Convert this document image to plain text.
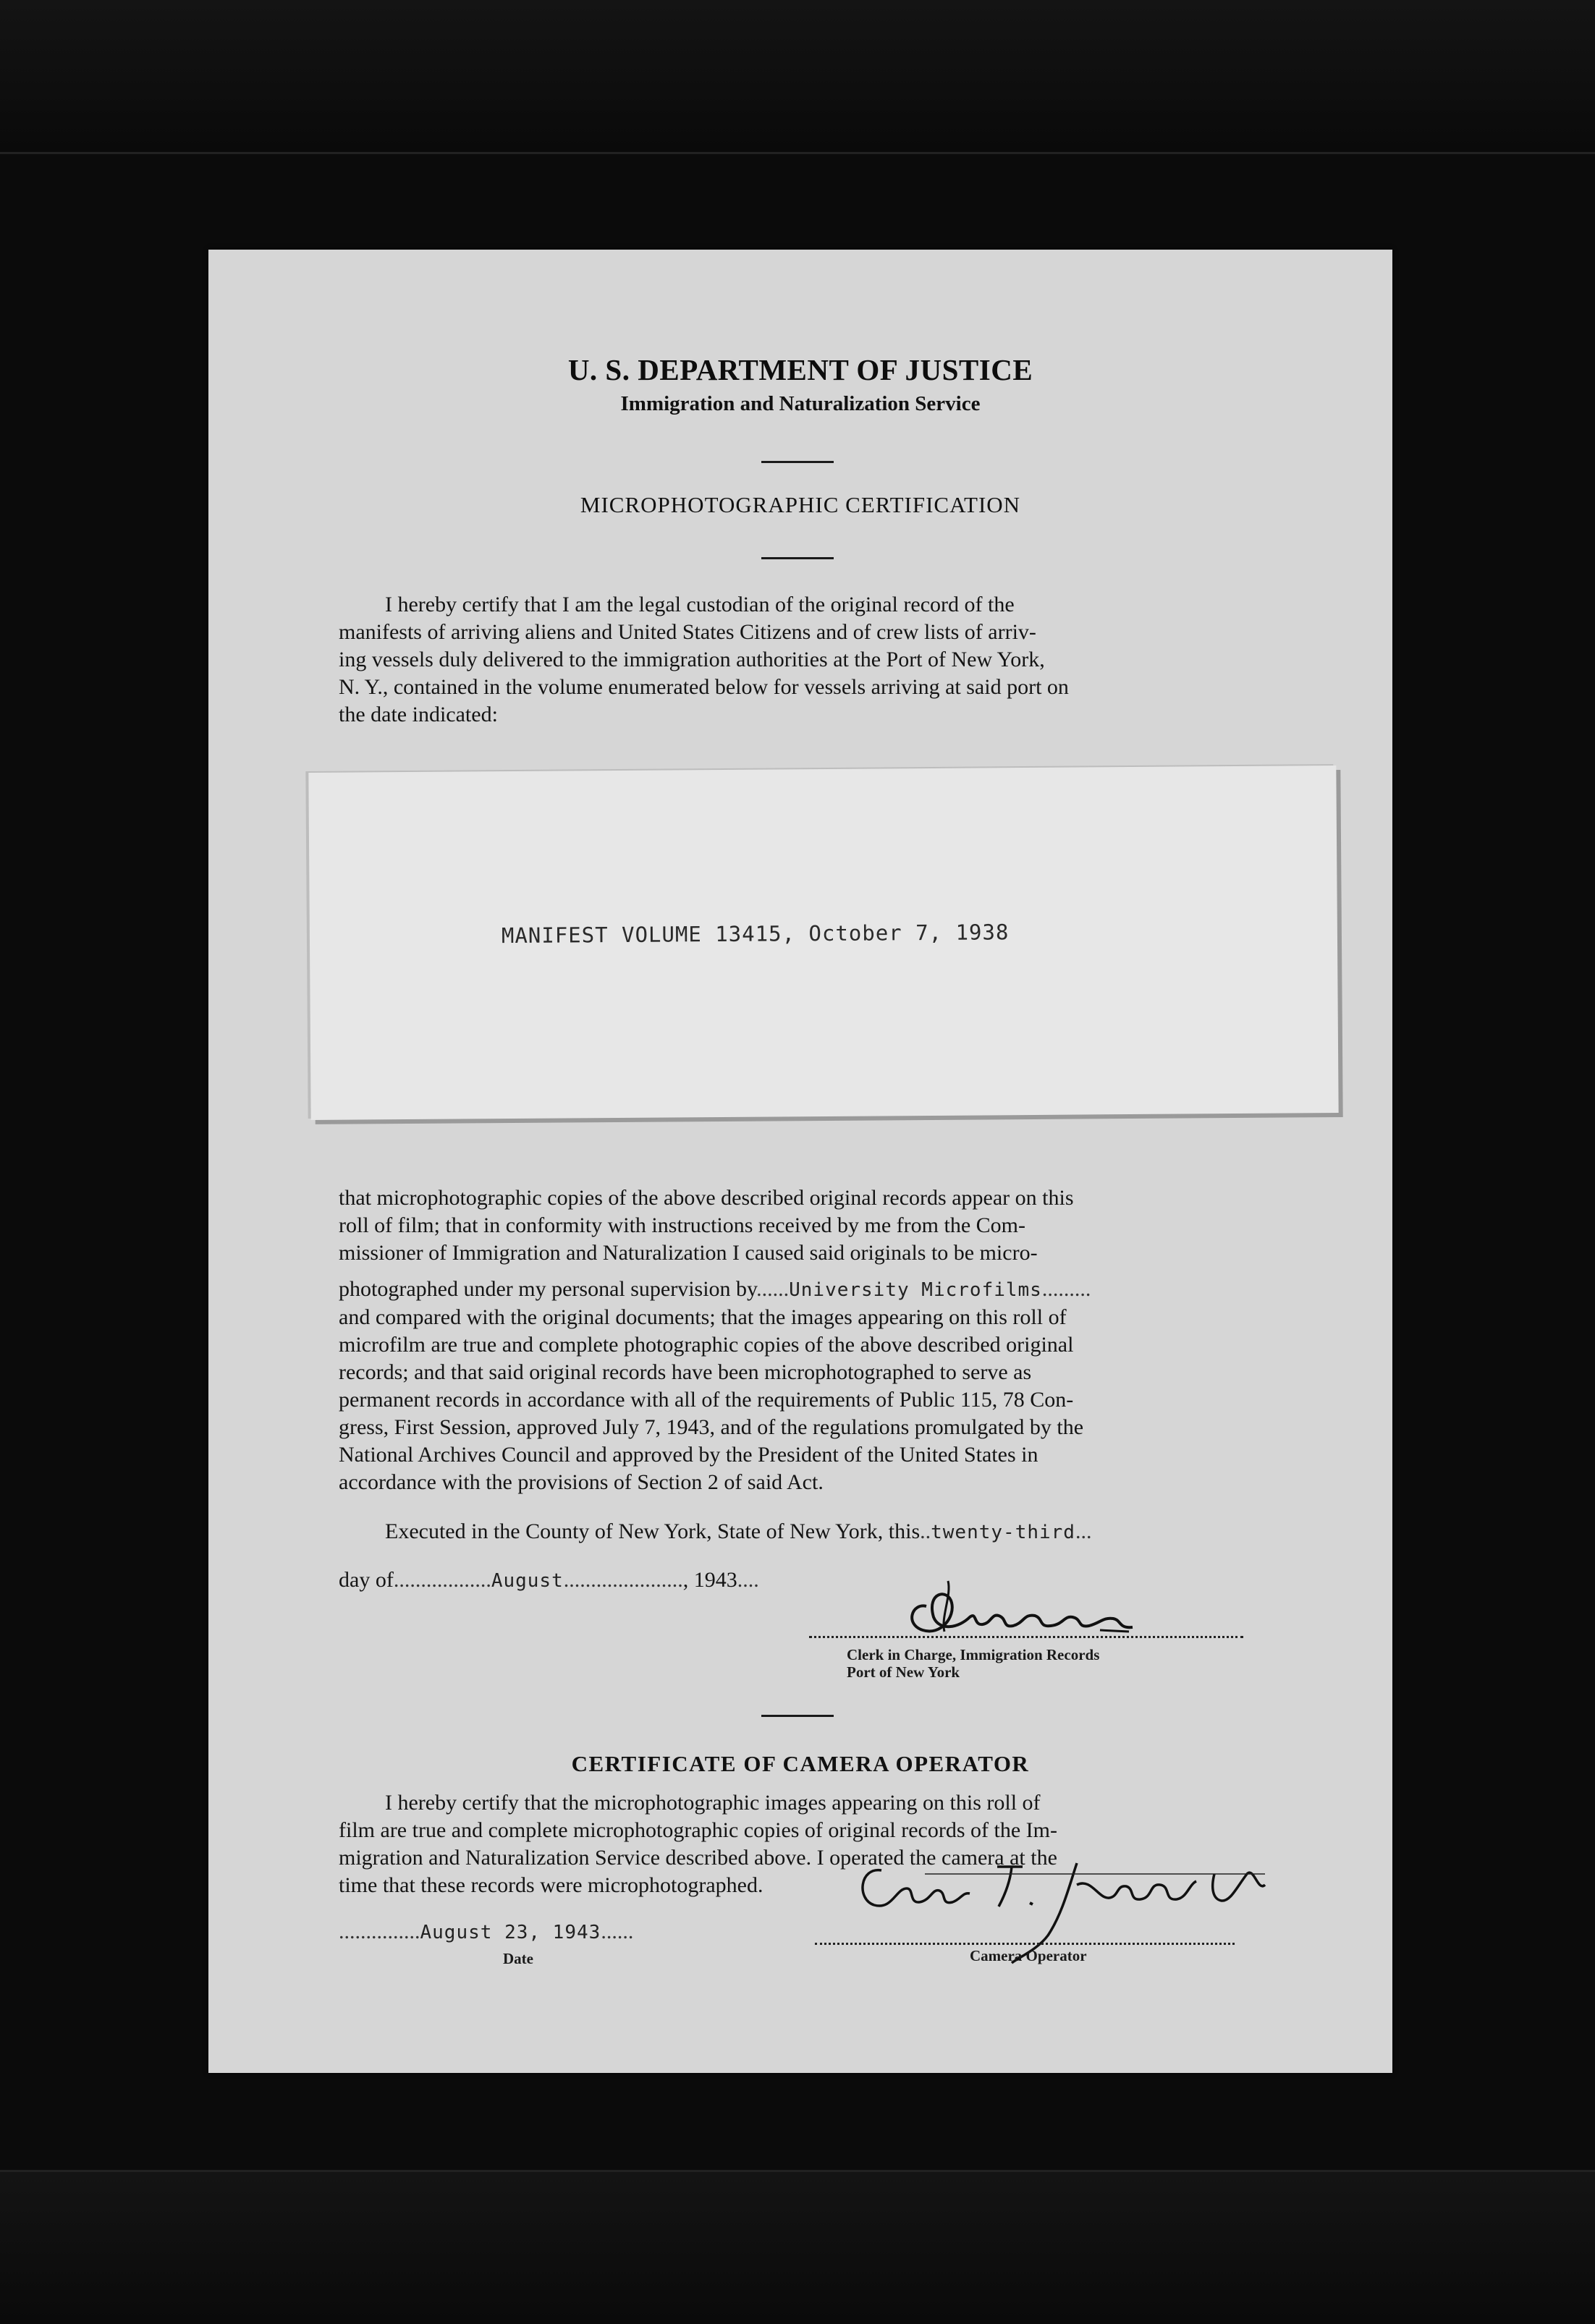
U. S. DEPARTMENT OF JUSTICE
Immigration and Naturalization Service
MICROPHOTOGRAPHIC CERTIFICATION
I hereby certify that I am the legal custodian of the original record of the
manifests of arriving aliens and United States Citizens and of crew lists of arriv-
ing vessels duly delivered to the immigration authorities at the Port of New York,
N. Y., contained in the volume enumerated below for vessels arriving at said port on
the date indicated:
MANIFEST VOLUME 13415, October 7, 1938
that microphotographic copies of the above described original records appear on this
roll of film; that in conformity with instructions received by me from the Com-
missioner of Immigration and Naturalization I caused said originals to be micro-
photographed under my personal supervision by......University Microfilms.........
and compared with the original documents; that the images appearing on this roll of
microfilm are true and complete photographic copies of the above described original
records; and that said original records have been microphotographed to serve as
permanent records in accordance with all of the requirements of Public 115, 78 Con-
gress, First Session, approved July 7, 1943, and of the regulations promulgated by the
National Archives Council and approved by the President of the United States in
accordance with the provisions of Section 2 of said Act.
Executed in the County of New York, State of New York, this..twenty-third...
day of..................August......................, 1943....
Clerk in Charge, Immigration Records
Port of New York
CERTIFICATE OF CAMERA OPERATOR
I hereby certify that the microphotographic images appearing on this roll of
film are true and complete microphotographic copies of original records of the Im-
migration and Naturalization Service described above. I operated the camera at the
time that these records were microphotographed.
...............August 23, 1943......
Date	Camera Operator
